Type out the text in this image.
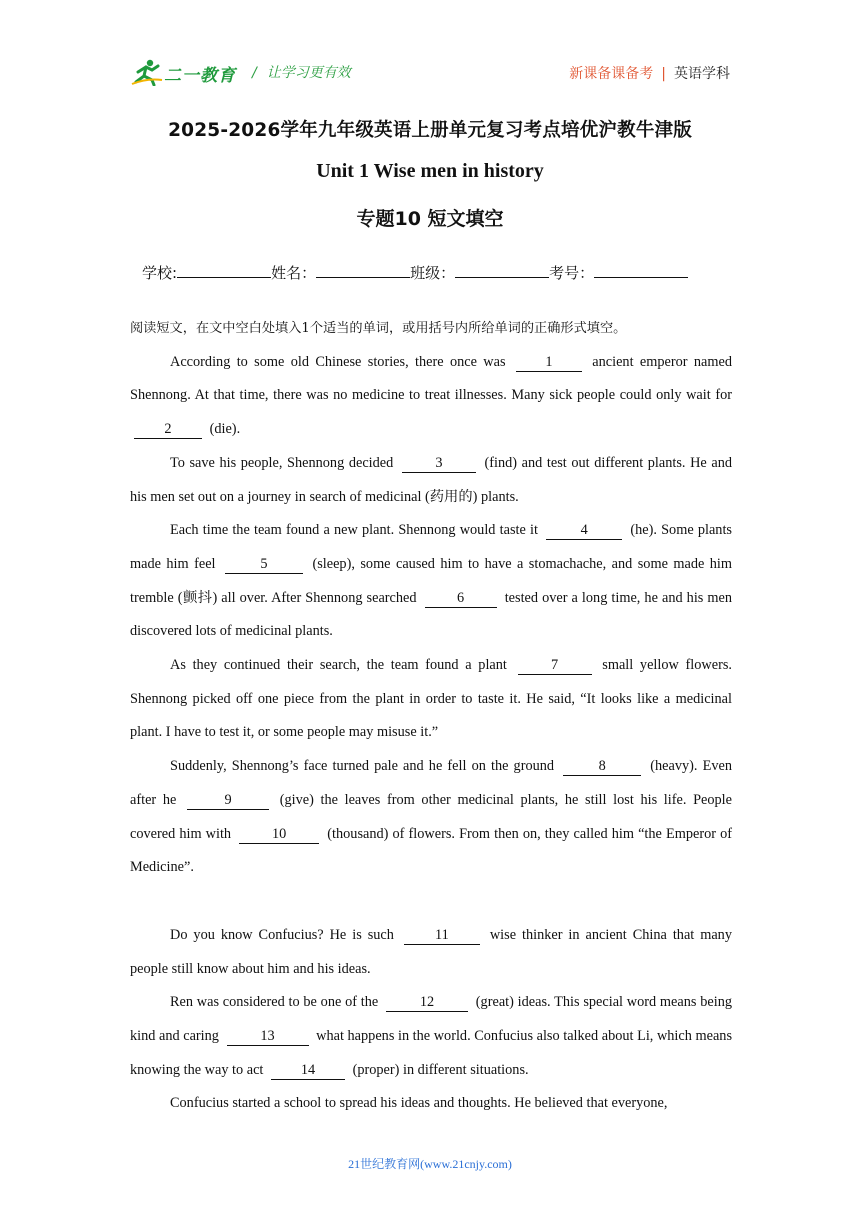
二一教育 / 让学习更有效	新课备课备考 | 英语学科
2025-2026学年九年级英语上册单元复习考点培优沪教牛津版
Unit 1 Wise men in history
专题10 短文填空
学校:	姓名：	班级：	考号：

阅读短文，在文中空白处填入1个适当的单词，或用括号内所给单词的正确形式填空。

According to some old Chinese stories, there once was	1	ancient emperor named Shennong. At that time, there was no medicine to treat illnesses. Many sick people could only wait for 2	(die).

To save his people, Shennong decided	3	(find) and test out different plants. He and his men set out on a journey in search of medicinal (药用的) plants.

Each time the team found a new plant. Shennong would taste it	4	(he). Some plants made him feel	5	(sleep), some caused him to have a stomachache, and some made him tremble (颤抖) all over. After Shennong searched	6	tested over a long time, he and his men discovered lots of medicinal plants.

As they continued their search, the team found a plant	7	small yellow flowers. Shennong picked off one piece from the plant in order to taste it. He said, “It looks like a medicinal plant. I have to test it, or some people may misuse it.”

Suddenly, Shennong’s face turned pale and he fell on the ground	8	(heavy). Even after he	9	(give) the leaves from other medicinal plants, he still lost his life. People covered him with	10	(thousand) of flowers. From then on, they called him “the Emperor of Medicine”.

Do you know Confucius? He is such	11	wise thinker in ancient China that many people still know about him and his ideas.

Ren was considered to be one of the	12	(great) ideas. This special word means being kind and caring	13	what happens in the world. Confucius also talked about Li, which means knowing the way to act	14	(proper) in different situations.

Confucius started a school to spread his ideas and thoughts. He believed that everyone,

21世纪教育网(www.21cnjy.com)
